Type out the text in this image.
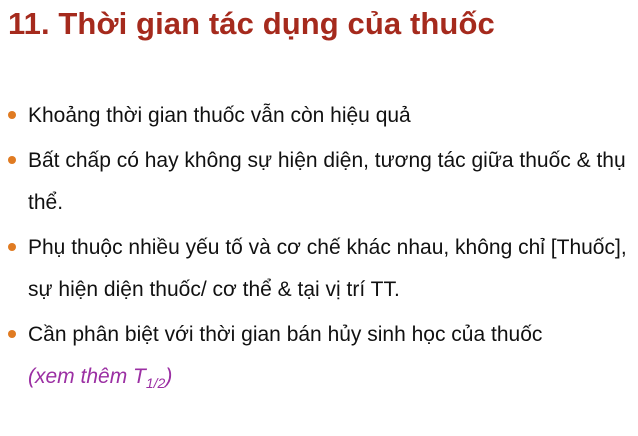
11. Thời gian tác dụng của thuốc
Khoảng thời gian thuốc vẫn còn hiệu quả
Bất chấp có hay không sự hiện diện, tương tác giữa thuốc & thụ thể.
Phụ thuộc nhiều yếu tố và cơ chế khác nhau, không chỉ [Thuốc], sự hiện diện thuốc/ cơ thể & tại vị trí TT.
Cần phân biệt với thời gian bán hủy sinh học của thuốc
(xem thêm $T_{1/2}$)
